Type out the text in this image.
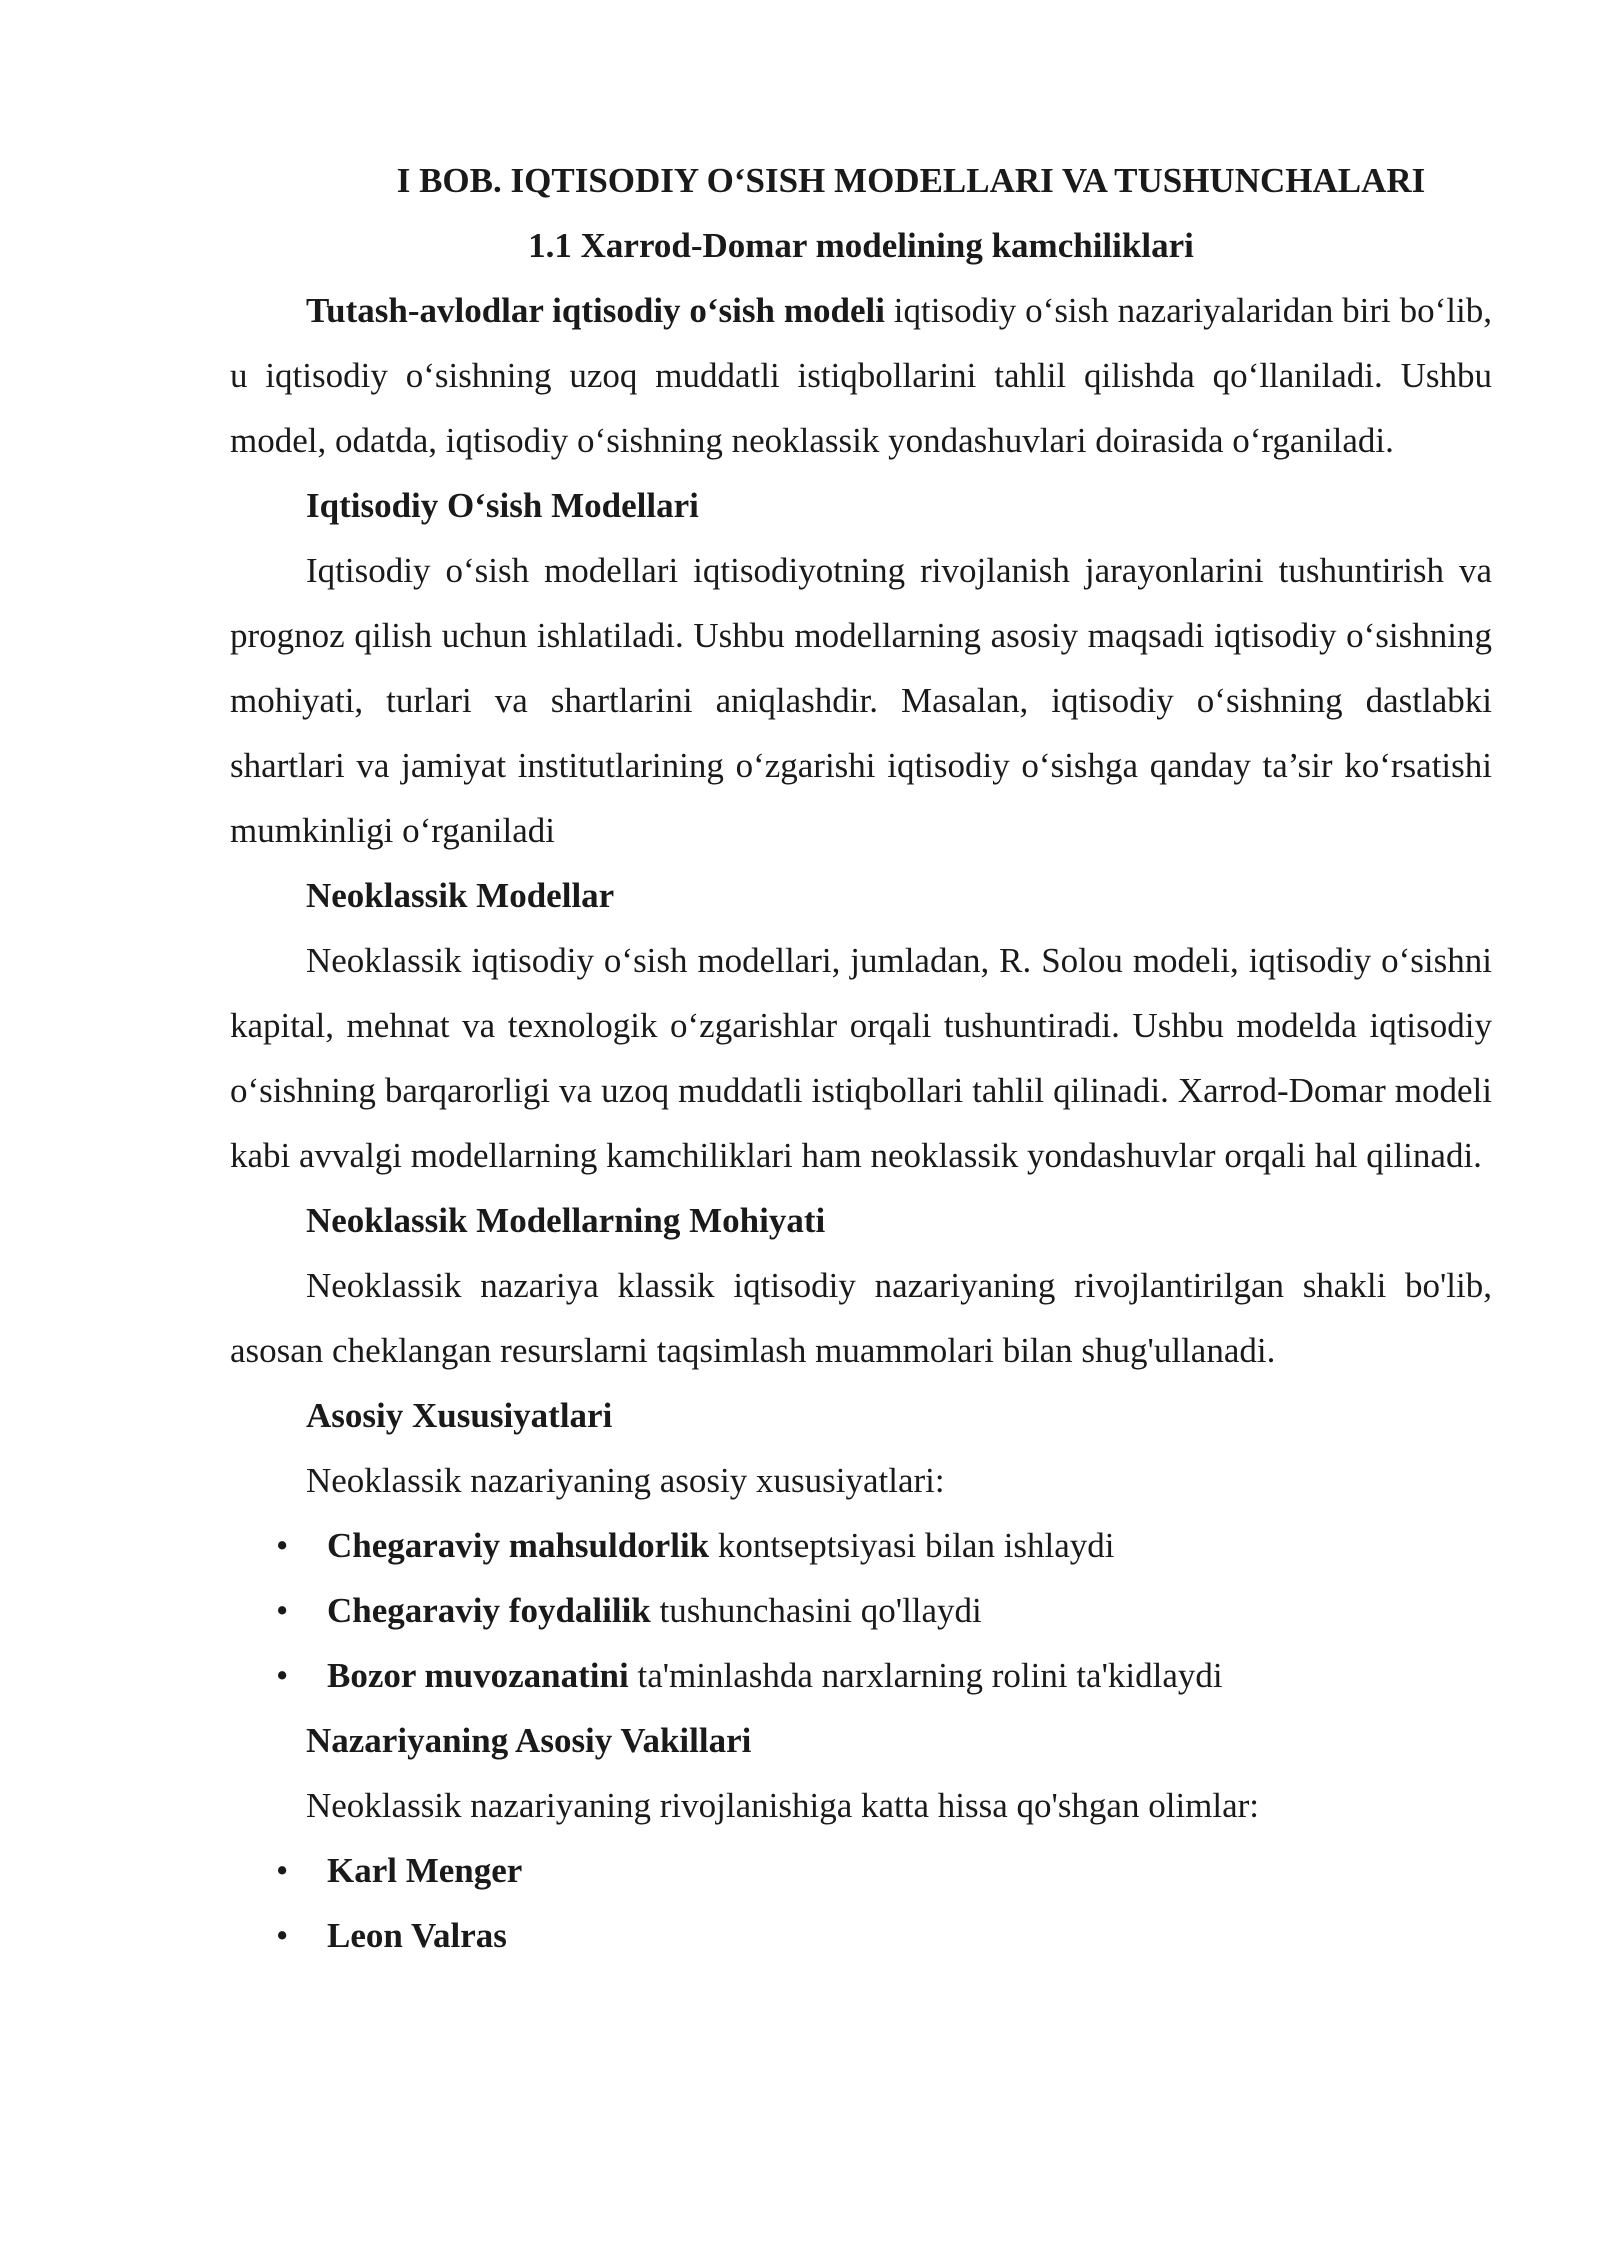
I BOB. IQTISODIY O‘SISH MODELLARI VA TUSHUNCHALARI
1.1 Xarrod-Domar modelining kamchiliklari

Tutash-avlodlar iqtisodiy o‘sish modeli iqtisodiy o‘sish nazariyalaridan biri bo‘lib, u iqtisodiy o‘sishning uzoq muddatli istiqbollarini tahlil qilishda qo‘llaniladi. Ushbu model, odatda, iqtisodiy o‘sishning neoklassik yondashuvlari doirasida o‘rganiladi.

Iqtisodiy O‘sish Modellari

Iqtisodiy o‘sish modellari iqtisodiyotning rivojlanish jarayonlarini tushuntirish va prognoz qilish uchun ishlatiladi. Ushbu modellarning asosiy maqsadi iqtisodiy o‘sishning mohiyati, turlari va shartlarini aniqlashdir. Masalan, iqtisodiy o‘sishning dastlabki shartlari va jamiyat institutlarining o‘zgarishi iqtisodiy o‘sishga qanday ta’sir ko‘rsatishi mumkinligi o‘rganiladi

Neoklassik Modellar

Neoklassik iqtisodiy o‘sish modellari, jumladan, R. Solou modeli, iqtisodiy o‘sishni kapital, mehnat va texnologik o‘zgarishlar orqali tushuntiradi. Ushbu modelda iqtisodiy o‘sishning barqarorligi va uzoq muddatli istiqbollari tahlil qilinadi. Xarrod-Domar modeli kabi avvalgi modellarning kamchiliklari ham neoklassik yondashuvlar orqali hal qilinadi.

Neoklassik Modellarning Mohiyati

Neoklassik nazariya klassik iqtisodiy nazariyaning rivojlantirilgan shakli bo'lib, asosan cheklangan resurslarni taqsimlash muammolari bilan shug'ullanadi.

Asosiy Xususiyatlari
Neoklassik nazariyaning asosiy xususiyatlari:
• Chegaraviy mahsuldorlik kontseptsiyasi bilan ishlaydi
• Chegaraviy foydalilik tushunchasini qo'llaydi
• Bozor muvozanatini ta'minlashda narxlarning rolini ta'kidlaydi
Nazariyaning Asosiy Vakillari
Neoklassik nazariyaning rivojlanishiga katta hissa qo'shgan olimlar:
• Karl Menger
• Leon Valras
